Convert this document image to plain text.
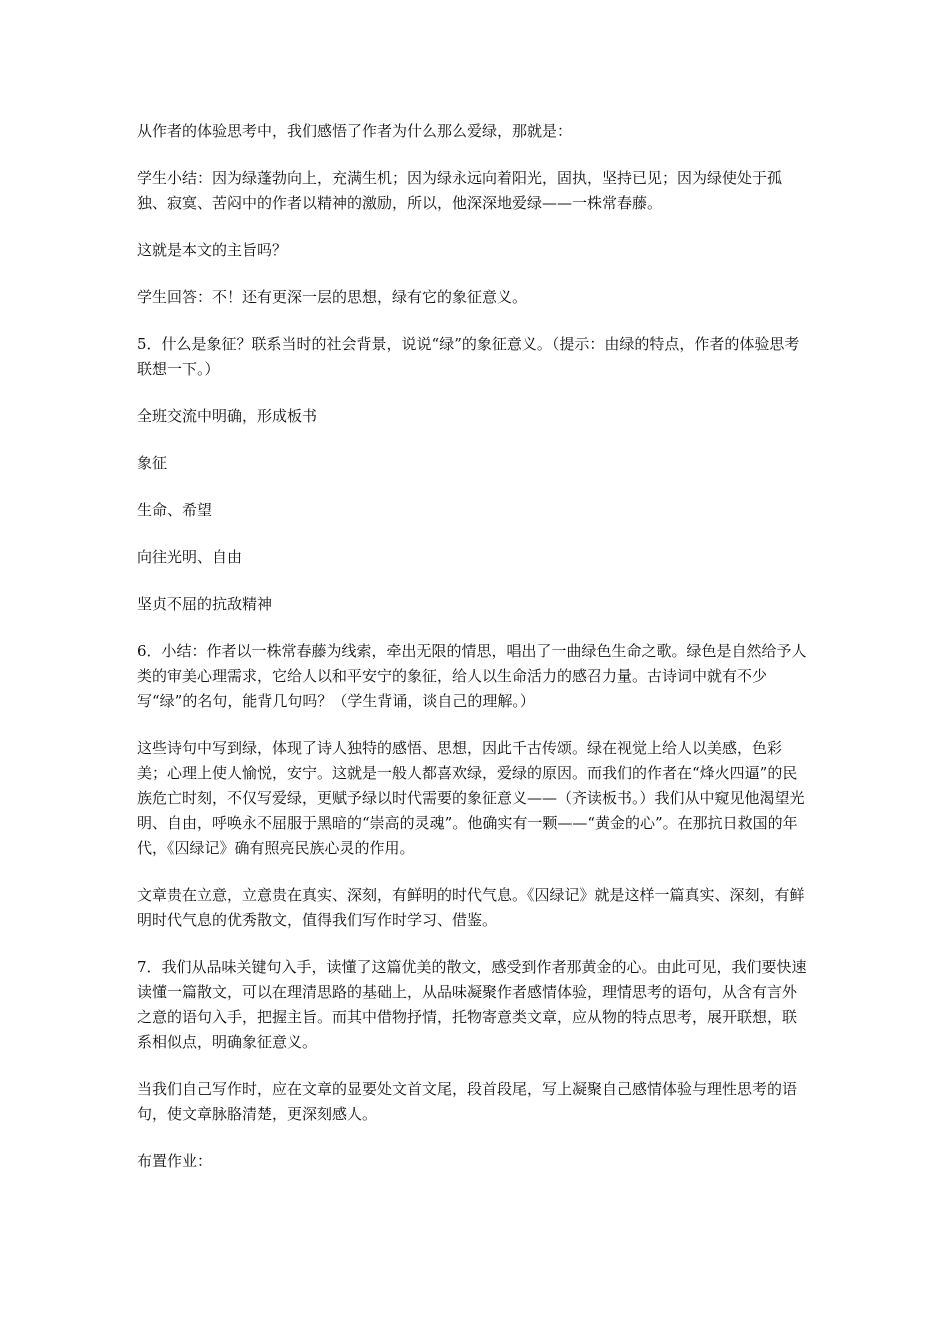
从作者的体验思考中，我们感悟了作者为什么那么爱绿，那就是：

学生小结：因为绿蓬勃向上，充满生机；因为绿永远向着阳光，固执，坚持已见；因为绿使处于孤独、寂寞、苦闷中的作者以精神的激励，所以，他深深地爱绿——一株常春藤。

这就是本文的主旨吗？

学生回答：不！还有更深一层的思想，绿有它的象征意义。

5．什么是象征？联系当时的社会背景，说说“绿”的象征意义。（提示：由绿的特点，作者的体验思考联想一下。）

全班交流中明确，形成板书

象征

生命、希望

向往光明、自由

坚贞不屈的抗敌精神

6．小结：作者以一株常春藤为线索，牵出无限的情思，唱出了一曲绿色生命之歌。绿色是自然给予人类的审美心理需求，它给人以和平安宁的象征，给人以生命活力的感召力量。古诗词中就有不少写“绿”的名句，能背几句吗？（学生背诵，谈自己的理解。）

这些诗句中写到绿，体现了诗人独特的感悟、思想，因此千古传颂。绿在视觉上给人以美感，色彩美；心理上使人愉悦，安宁。这就是一般人都喜欢绿，爱绿的原因。而我们的作者在“烽火四逼”的民族危亡时刻，不仅写爱绿，更赋予绿以时代需要的象征意义——（齐读板书。）我们从中窥见他渴望光明、自由，呼唤永不屈服于黑暗的“崇高的灵魂”。他确实有一颗——“黄金的心”。在那抗日救国的年代，《囚绿记》确有照亮民族心灵的作用。

文章贵在立意，立意贵在真实、深刻，有鲜明的时代气息。《囚绿记》就是这样一篇真实、深刻，有鲜明时代气息的优秀散文，值得我们写作时学习、借鉴。

7．我们从品味关键句入手，读懂了这篇优美的散文，感受到作者那黄金的心。由此可见，我们要快速读懂一篇散文，可以在理清思路的基础上，从品味凝聚作者感情体验，理情思考的语句，从含有言外之意的语句入手，把握主旨。而其中借物抒情，托物寄意类文章，应从物的特点思考，展开联想，联系相似点，明确象征意义。

当我们自己写作时，应在文章的显要处文首文尾，段首段尾，写上凝聚自己感情体验与理性思考的语句，使文章脉胳清楚，更深刻感人。

布置作业：
